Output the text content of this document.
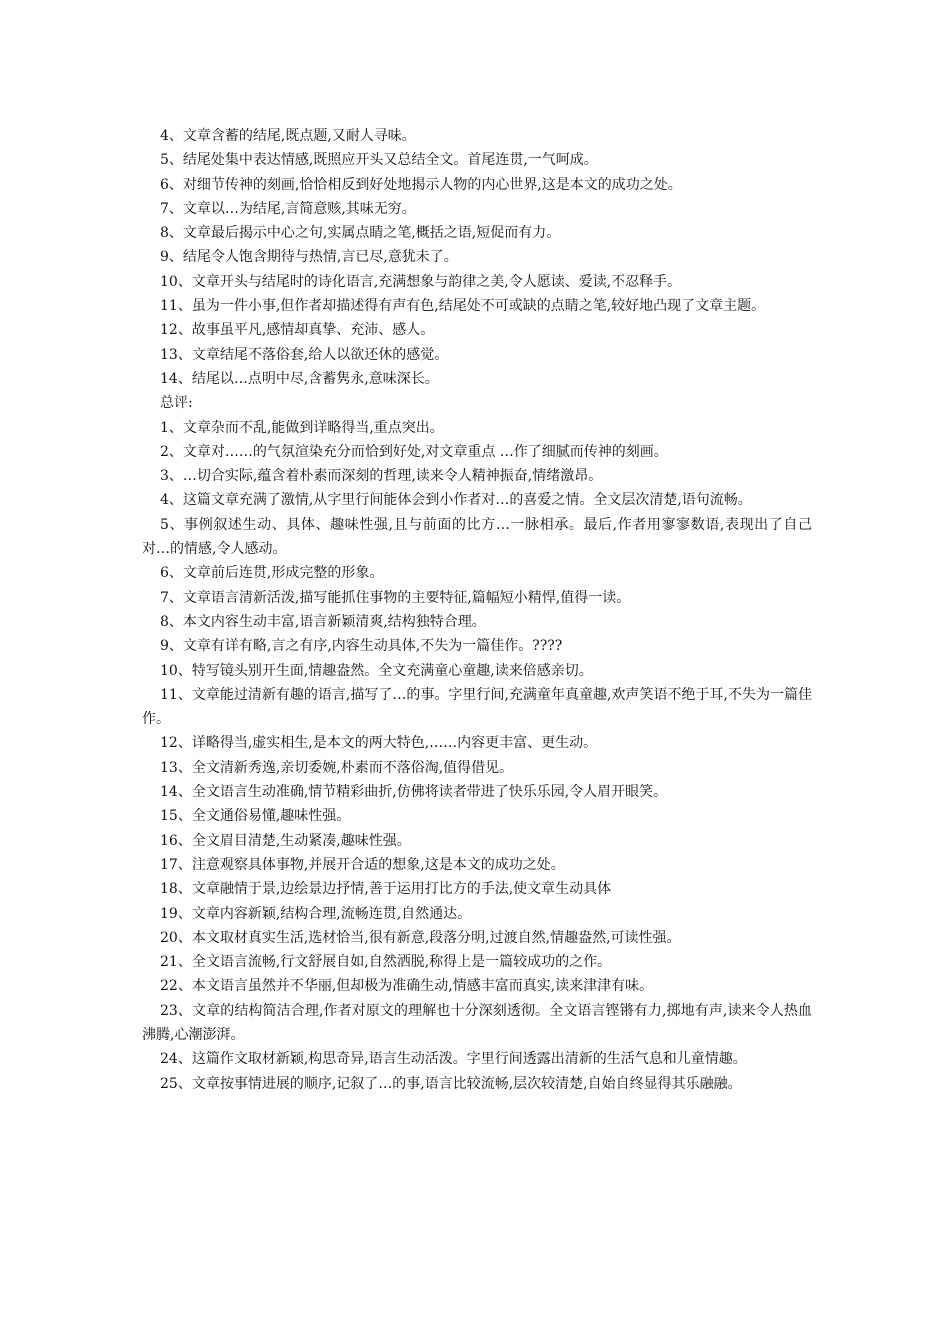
4、文章含蓄的结尾,既点题,又耐人寻味。

5、结尾处集中表达情感,既照应开头又总结全文。首尾连贯,一气呵成。

6、对细节传神的刻画,恰恰相反到好处地揭示人物的内心世界,这是本文的成功之处。

7、文章以…为结尾,言简意赅,其味无穷。

8、文章最后揭示中心之句,实属点睛之笔,概括之语,短促而有力。

9、结尾令人饱含期待与热情,言已尽,意犹未了。

10、文章开头与结尾时的诗化语言,充满想象与韵律之美,令人愿读、爱读,不忍释手。

11、虽为一件小事,但作者却描述得有声有色,结尾处不可或缺的点睛之笔,较好地凸现了文章主题。

12、故事虽平凡,感情却真挚、充沛、感人。

13、文章结尾不落俗套,给人以欲还休的感觉。

14、结尾以…点明中尽,含蓄隽永,意味深长。

总评:

1、文章杂而不乱,能做到详略得当,重点突出。

2、文章对……的气氛渲染充分而恰到好处,对文章重点 …作了细腻而传神的刻画。

3、…切合实际,蕴含着朴素而深刻的哲理,读来令人精神振奋,情绪激昂。

4、这篇文章充满了激情,从字里行间能体会到小作者对…的喜爱之情。全文层次清楚,语句流畅。

5、事例叙述生动、具体、趣味性强,且与前面的比方…一脉相承。最后,作者用寥寥数语,表现出了自己对…的情感,令人感动。

6、文章前后连贯,形成完整的形象。

7、文章语言清新活泼,描写能抓住事物的主要特征,篇幅短小精悍,值得一读。

8、本文内容生动丰富,语言新颖清爽,结构独特合理。

9、文章有详有略,言之有序,内容生动具体,不失为一篇佳作。????

10、特写镜头别开生面,情趣盎然。全文充满童心童趣,读来倍感亲切。

11、文章能过清新有趣的语言,描写了…的事。字里行间,充满童年真童趣,欢声笑语不绝于耳,不失为一篇佳作。

12、详略得当,虚实相生,是本文的两大特色,……内容更丰富、更生动。

13、全文清新秀逸,亲切委婉,朴素而不落俗淘,值得借见。

14、全文语言生动准确,情节精彩曲折,仿佛将读者带进了快乐乐园,令人眉开眼笑。

15、全文通俗易懂,趣味性强。

16、全文眉目清楚,生动紧凑,趣味性强。

17、注意观察具体事物,并展开合适的想象,这是本文的成功之处。

18、文章融情于景,边绘景边抒情,善于运用打比方的手法,使文章生动具体

19、文章内容新颖,结构合理,流畅连贯,自然通达。

20、本文取材真实生活,选材恰当,很有新意,段落分明,过渡自然,情趣盎然,可读性强。

21、全文语言流畅,行文舒展自如,自然洒脱,称得上是一篇较成功的之作。

22、本文语言虽然并不华丽,但却极为准确生动,情感丰富而真实,读来津津有味。

23、文章的结构简洁合理,作者对原文的理解也十分深刻透彻。全文语言铿锵有力,掷地有声,读来令人热血沸腾,心潮澎湃。

24、这篇作文取材新颖,构思奇异,语言生动活泼。字里行间透露出清新的生活气息和儿童情趣。

25、文章按事情进展的顺序,记叙了…的事,语言比较流畅,层次较清楚,自始自终显得其乐融融。
